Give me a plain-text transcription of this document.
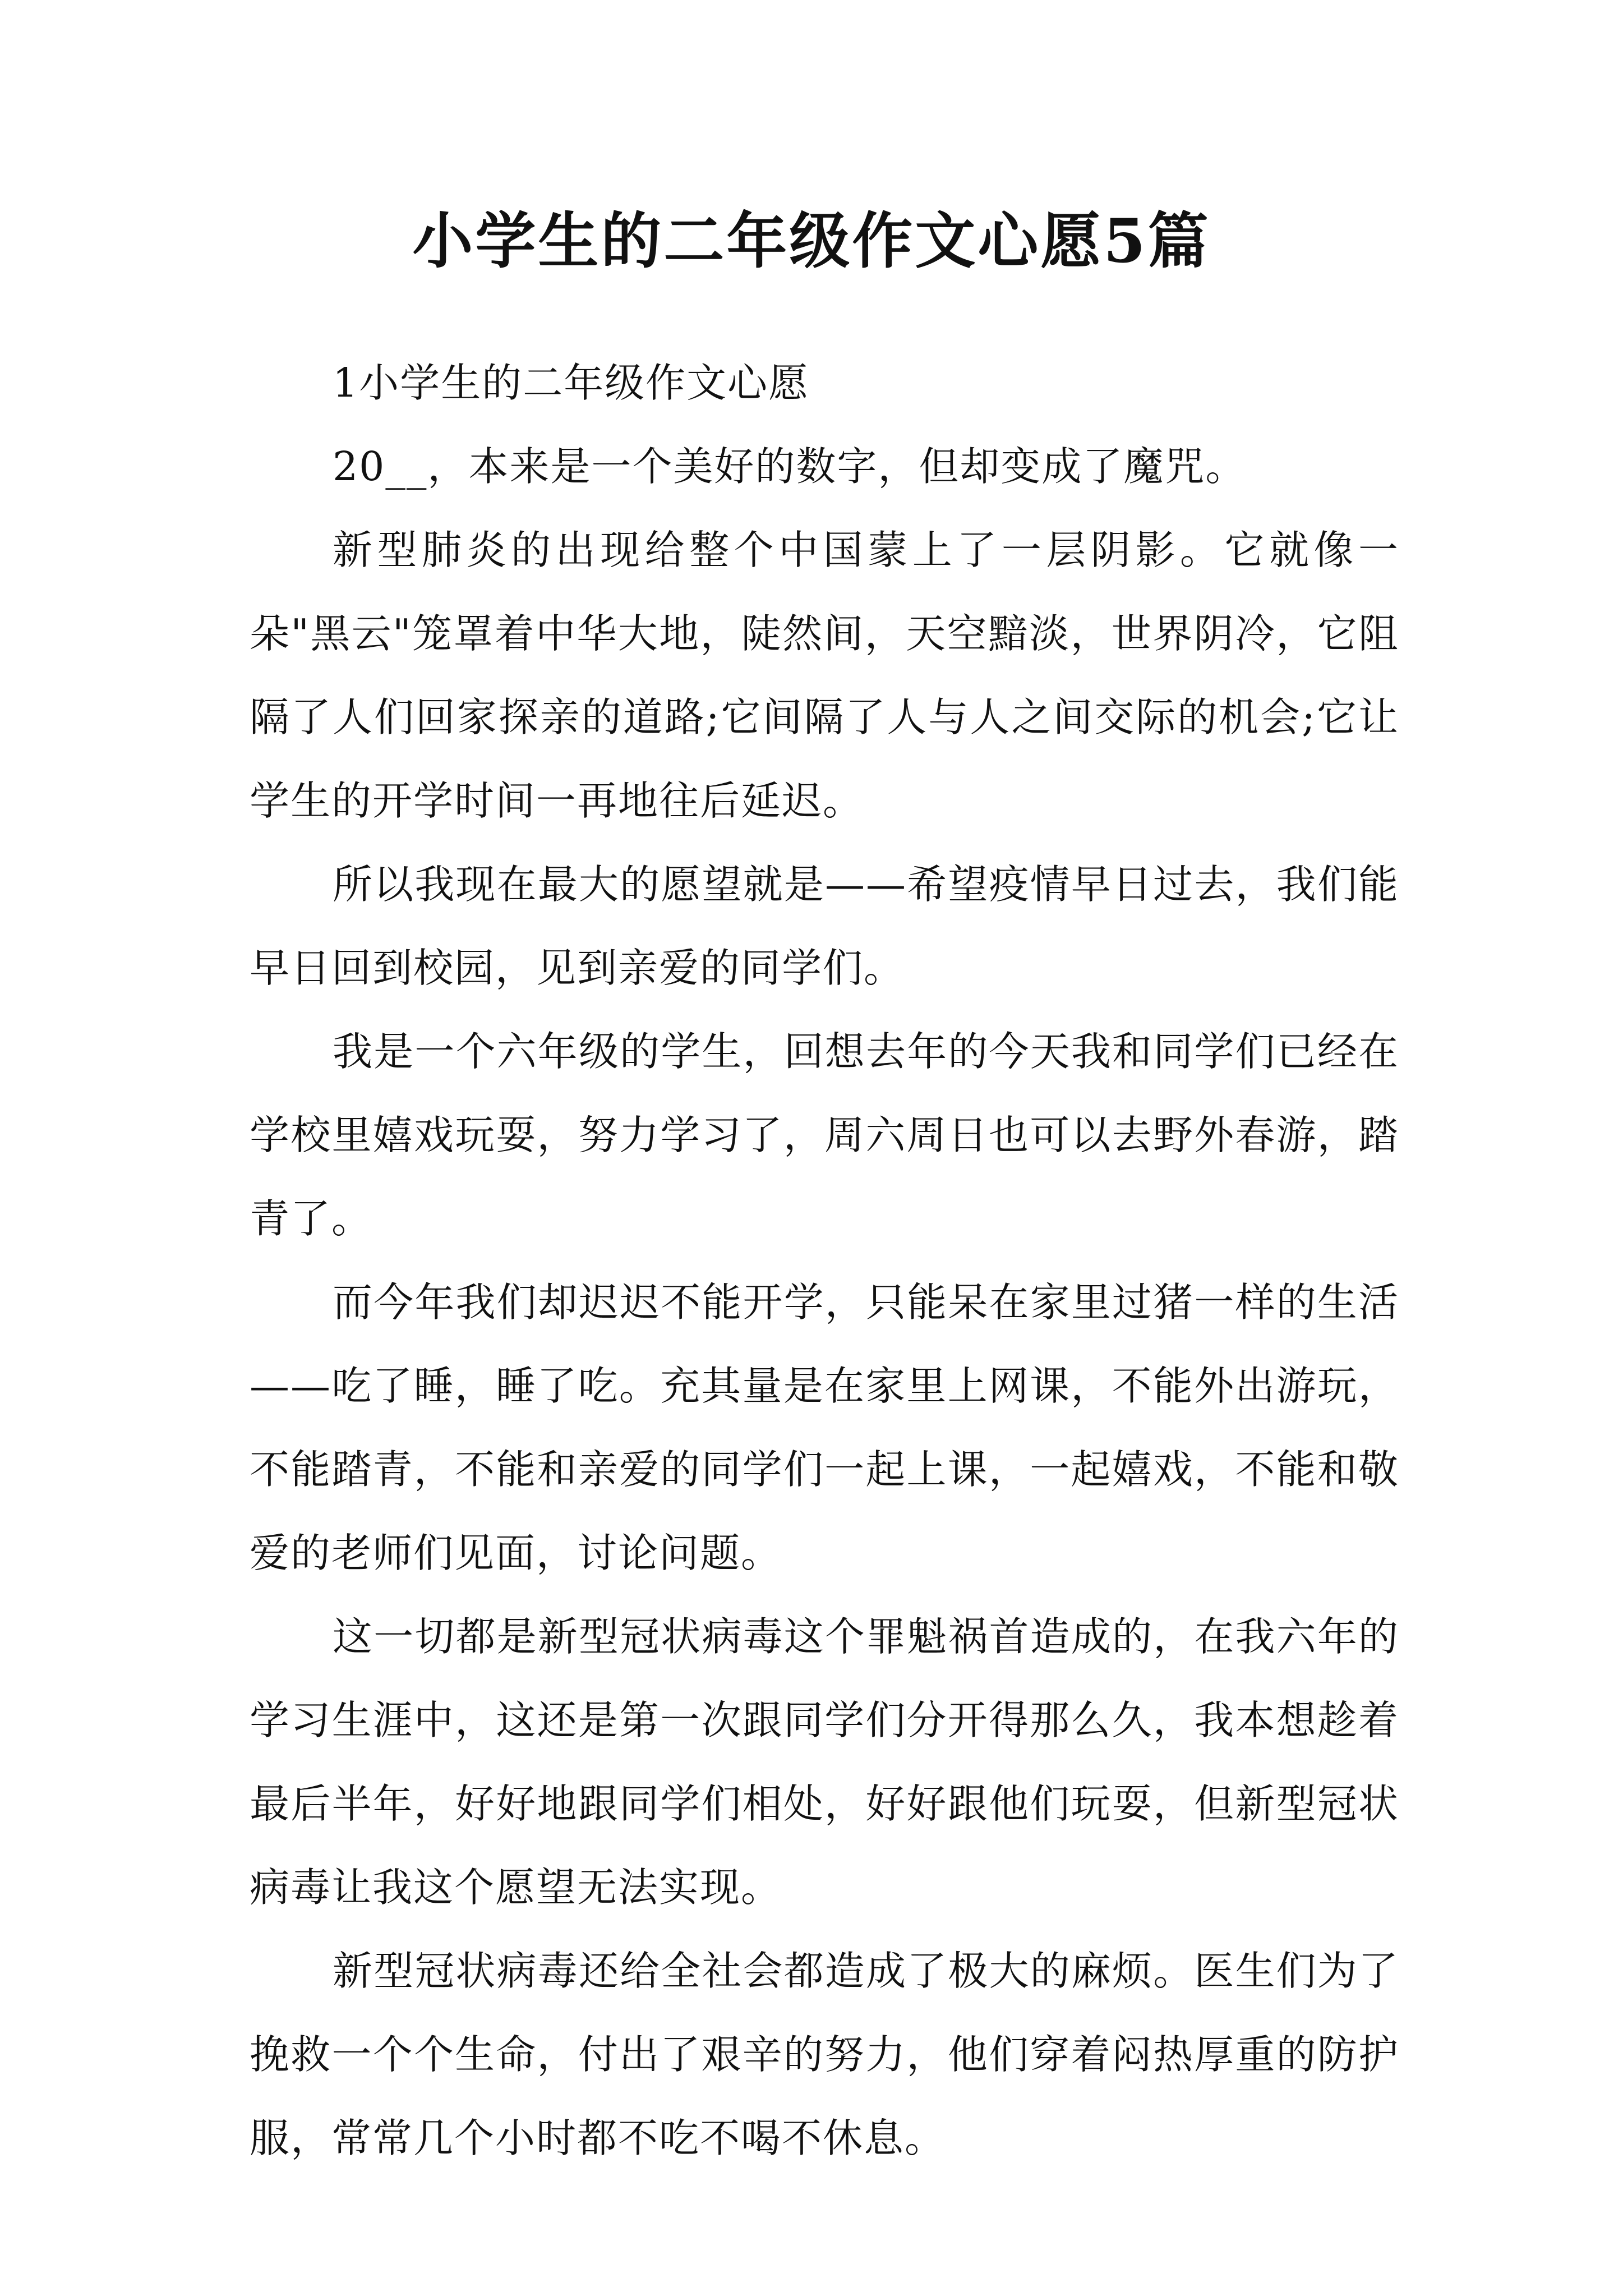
小学生的二年级作文心愿5篇

1小学生的二年级作文心愿

20__，本来是一个美好的数字，但却变成了魔咒。

新型肺炎的出现给整个中国蒙上了一层阴影。它就像一朵"黑云"笼罩着中华大地，陡然间，天空黯淡，世界阴冷，它阻隔了人们回家探亲的道路;它间隔了人与人之间交际的机会;它让学生的开学时间一再地往后延迟。

所以我现在最大的愿望就是——希望疫情早日过去，我们能早日回到校园，见到亲爱的同学们。

我是一个六年级的学生，回想去年的今天我和同学们已经在学校里嬉戏玩耍，努力学习了，周六周日也可以去野外春游，踏青了。

而今年我们却迟迟不能开学，只能呆在家里过猪一样的生活——吃了睡，睡了吃。充其量是在家里上网课，不能外出游玩，不能踏青，不能和亲爱的同学们一起上课，一起嬉戏，不能和敬爱的老师们见面，讨论问题。

这一切都是新型冠状病毒这个罪魁祸首造成的，在我六年的学习生涯中，这还是第一次跟同学们分开得那么久，我本想趁着最后半年，好好地跟同学们相处，好好跟他们玩耍，但新型冠状病毒让我这个愿望无法实现。

新型冠状病毒还给全社会都造成了极大的麻烦。医生们为了挽救一个个生命，付出了艰辛的努力，他们穿着闷热厚重的防护服，常常几个小时都不吃不喝不休息。
